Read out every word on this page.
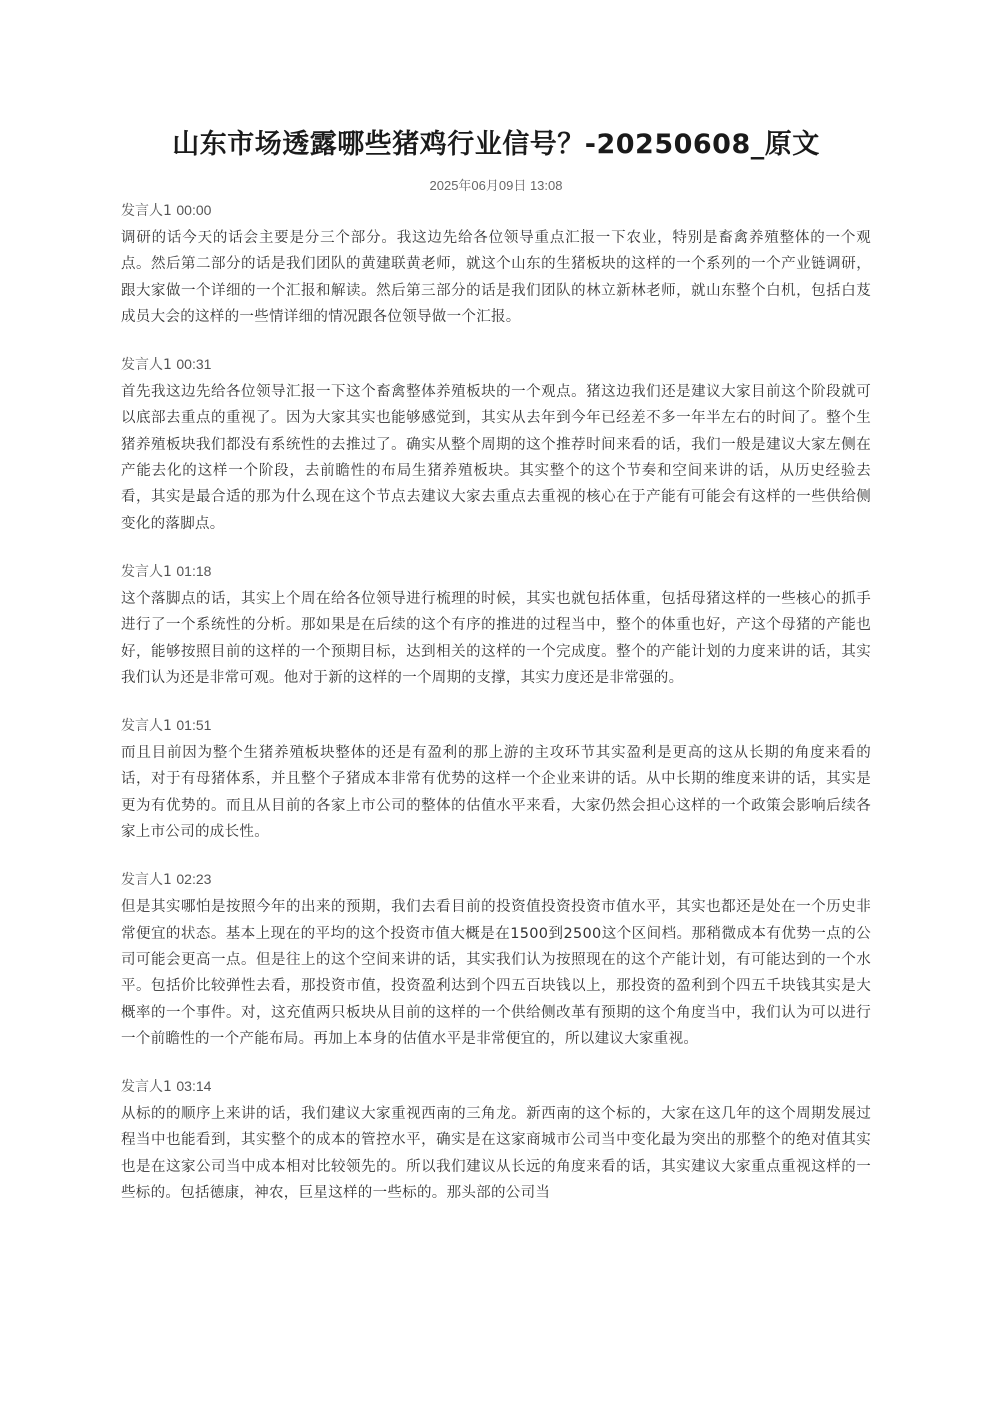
山东市场透露哪些猪鸡行业信号？-20250608_原文
2025年06月09日 13:08
发言人1 00:00

调研的话今天的话会主要是分三个部分。我这边先给各位领导重点汇报一下农业，特别是畜禽养殖整体的一个观点。然后第二部分的话是我们团队的黄建联黄老师，就这个山东的生猪板块的这样的一个系列的一个产业链调研，跟大家做一个详细的一个汇报和解读。然后第三部分的话是我们团队的林立新林老师，就山东整个白机，包括白芨成员大会的这样的一些情详细的情况跟各位领导做一个汇报。

发言人1 00:31

首先我这边先给各位领导汇报一下这个畜禽整体养殖板块的一个观点。猪这边我们还是建议大家目前这个阶段就可以底部去重点的重视了。因为大家其实也能够感觉到，其实从去年到今年已经差不多一年半左右的时间了。整个生猪养殖板块我们都没有系统性的去推过了。确实从整个周期的这个推荐时间来看的话，我们一般是建议大家左侧在产能去化的这样一个阶段，去前瞻性的布局生猪养殖板块。其实整个的这个节奏和空间来讲的话，从历史经验去看，其实是最合适的那为什么现在这个节点去建议大家去重点去重视的核心在于产能有可能会有这样的一些供给侧变化的落脚点。

发言人1 01:18

这个落脚点的话，其实上个周在给各位领导进行梳理的时候，其实也就包括体重，包括母猪这样的一些核心的抓手进行了一个系统性的分析。那如果是在后续的这个有序的推进的过程当中，整个的体重也好，产这个母猪的产能也好，能够按照目前的这样的一个预期目标，达到相关的这样的一个完成度。整个的产能计划的力度来讲的话，其实我们认为还是非常可观。他对于新的这样的一个周期的支撑，其实力度还是非常强的。

发言人1 01:51

而且目前因为整个生猪养殖板块整体的还是有盈利的那上游的主攻环节其实盈利是更高的这从长期的角度来看的话，对于有母猪体系，并且整个子猪成本非常有优势的这样一个企业来讲的话。从中长期的维度来讲的话，其实是更为有优势的。而且从目前的各家上市公司的整体的估值水平来看，大家仍然会担心这样的一个政策会影响后续各家上市公司的成长性。

发言人1 02:23

但是其实哪怕是按照今年的出来的预期，我们去看目前的投资值投资投资市值水平，其实也都还是处在一个历史非常便宜的状态。基本上现在的平均的这个投资市值大概是在1500到2500这个区间档。那稍微成本有优势一点的公司可能会更高一点。但是往上的这个空间来讲的话，其实我们认为按照现在的这个产能计划，有可能达到的一个水平。包括价比较弹性去看，那投资市值，投资盈利达到个四五百块钱以上，那投资的盈利到个四五千块钱其实是大概率的一个事件。对，这充值两只板块从目前的这样的一个供给侧改革有预期的这个角度当中，我们认为可以进行一个前瞻性的一个产能布局。再加上本身的估值水平是非常便宜的，所以建议大家重视。

发言人1 03:14

从标的的顺序上来讲的话，我们建议大家重视西南的三角龙。新西南的这个标的，大家在这几年的这个周期发展过程当中也能看到，其实整个的成本的管控水平，确实是在这家商城市公司当中变化最为突出的那整个的绝对值其实也是在这家公司当中成本相对比较领先的。所以我们建议从长远的角度来看的话，其实建议大家重点重视这样的一些标的。包括德康，神农，巨星这样的一些标的。那头部的公司当
